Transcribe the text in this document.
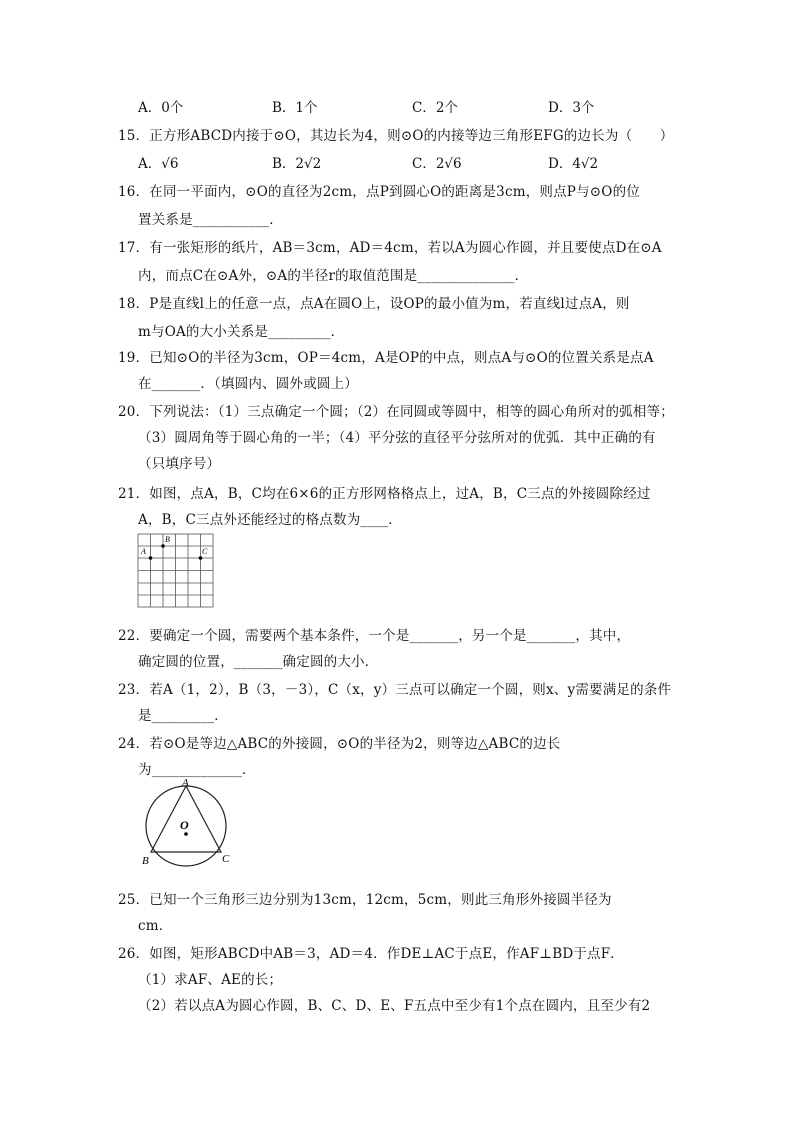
A．0个	B．1个	C．2个	D．3个
15．正方形ABCD内接于⊙O，其边长为4，则⊙O的内接等边三角形EFG的边长为（　　）
A．√6	B．2√2	C．2√6	D．4√2
16．在同一平面内，⊙O的直径为2cm，点P到圆心O的距离是3cm，则点P与⊙O的位
置关系是___________．
17．有一张矩形的纸片，AB＝3cm，AD＝4cm，若以A为圆心作圆，并且要使点D在⊙A
内，而点C在⊙A外，⊙A的半径r的取值范围是______________．
18．P是直线l上的任意一点，点A在圆O上，设OP的最小值为m，若直线l过点A，则
m与OA的大小关系是_________．
19．已知⊙O的半径为3cm，OP＝4cm，A是OP的中点，则点A与⊙O的位置关系是点A
在_______．（填圆内、圆外或圆上）
20．下列说法：（1）三点确定一个圆；（2）在同圆或等圆中，相等的圆心角所对的弧相等；
（3）圆周角等于圆心角的一半；（4）平分弦的直径平分弦所对的优弧．其中正确的有
（只填序号）
21．如图，点A，B，C均在6×6的正方形网格格点上，过A，B，C三点的外接圆除经过
A，B，C三点外还能经过的格点数为____．
A
B
C
22．要确定一个圆，需要两个基本条件，一个是_______，另一个是_______，其中，
确定圆的位置，_______确定圆的大小．
23．若A（1，2），B（3，－3），C（x，y）三点可以确定一个圆，则x、y需要满足的条件
是_________．
24．若⊙O是等边△ABC的外接圆，⊙O的半径为2，则等边△ABC的边长
为_____________．
A
O
B	C
25．已知一个三角形三边分别为13cm，12cm，5cm，则此三角形外接圆半径为
cm．
26．如图，矩形ABCD中AB＝3，AD＝4．作DE⊥AC于点E，作AF⊥BD于点F．
（1）求AF、AE的长；
（2）若以点A为圆心作圆，B、C、D、E、F五点中至少有1个点在圆内，且至少有2
